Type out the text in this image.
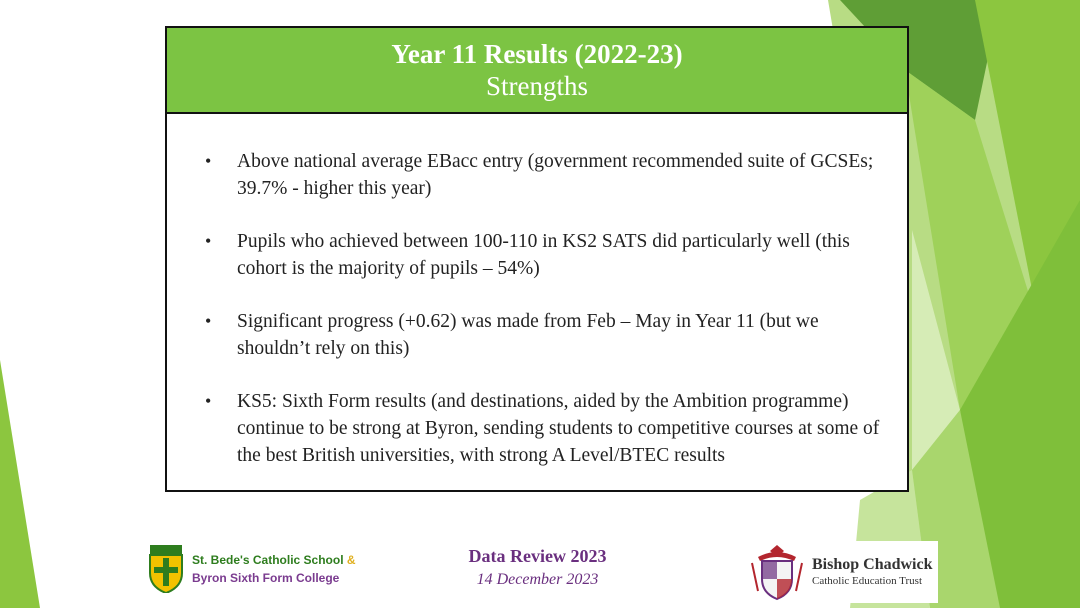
Year 11 Results (2022-23)
Strengths
•	Above national average EBacc entry (government recommended suite of GCSEs; 39.7% - higher this year)
•	Pupils who achieved between 100-110 in KS2 SATS did particularly well (this cohort is the majority of pupils – 54%)
•	Significant progress (+0.62) was made from Feb – May in Year 11 (but we shouldn’t rely on this)
•	KS5: Sixth Form results (and destinations, aided by the Ambition programme) continue to be strong at Byron, sending students to competitive courses at some of the best British universities, with strong A Level/BTEC results
St. Bede's Catholic School &
Byron Sixth Form College
Data Review 2023
14 December 2023
Bishop Chadwick
Catholic Education Trust
